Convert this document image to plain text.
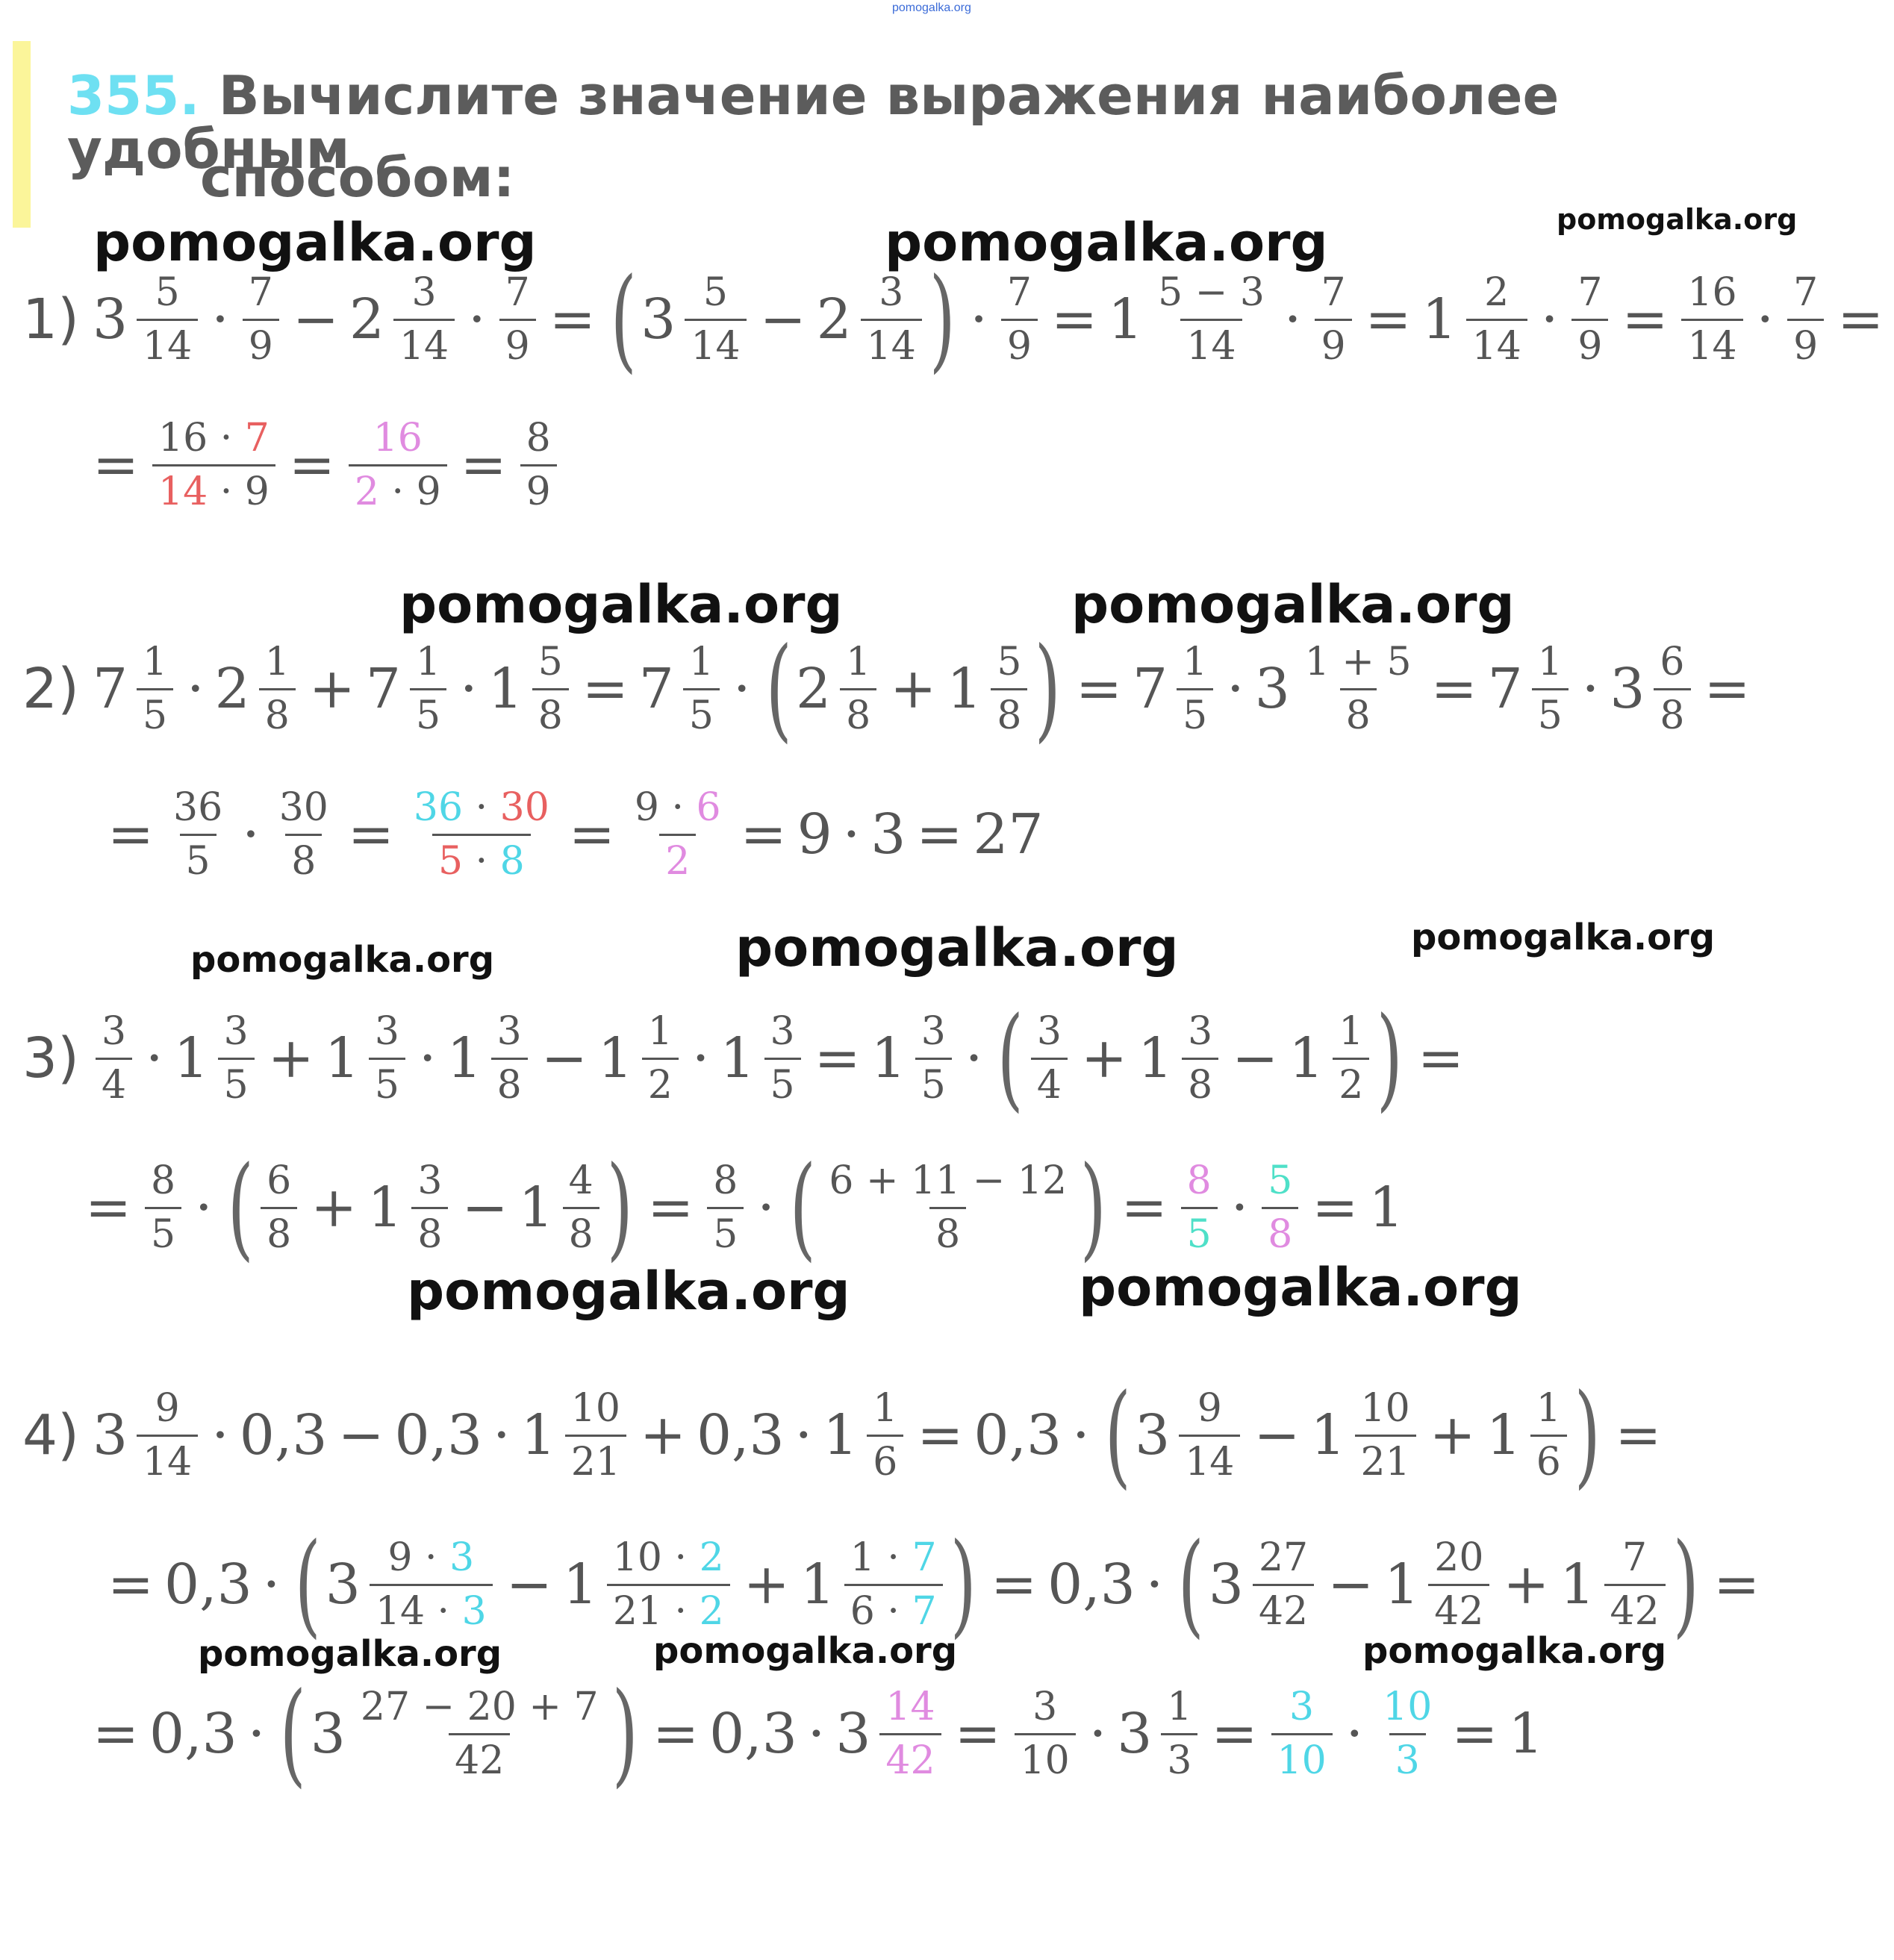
pomogalka.org
355. Вычислите значение выражения наиболее удобным
способом:
pomogalka.org	pomogalka.org	pomogalka.org
pomogalka.org	pomogalka.org
pomogalka.org	pomogalka.org	pomogalka.org
pomogalka.org	pomogalka.org
pomogalka.org	pomogalka.org	pomogalka.org
1) $3 \frac{5}{14} \cdot \frac{7}{9} - 2 \frac{3}{14} \cdot \frac{7}{9}$ = ( $3 \frac{5}{14} - 2 \frac{3}{14}$ ) · $\frac{7}{9} = 1 \frac{5 - 3}{14} \cdot \frac{7}{9} = 1 \frac{2}{14} \cdot \frac{7}{9} = \frac{16}{14} \cdot \frac{7}{9}$ =
= $\frac{16 \cdot 7}{14 \cdot 9} = \frac{16}{2 \cdot 9} = \frac{8}{9}$
2) $7 \frac{1}{5} \cdot 2 \frac{1}{8} + 7 \frac{1}{5} \cdot 1 \frac{5}{8} = 7 \frac{1}{5}$ · ( $2 \frac{1}{8} + 1 \frac{5}{8}$ ) = $7 \frac{1}{5} \cdot 3 \frac{1 + 5}{8} = 7 \frac{1}{5} \cdot 3 \frac{6}{8}$ =
= $\frac{36}{5} \cdot \frac{30}{8} = \frac{36 \cdot 30}{5 \cdot 8} = \frac{9 \cdot 6}{2} = 9 \cdot 3 = 27$
$3) \frac{3}{4} \cdot 1 \frac{3}{5} + 1 \frac{3}{5} \cdot 1 \frac{3}{8} - 1 \frac{1}{2} \cdot 1 \frac{3}{5} = 1 \frac{3}{5}$ · ( $\frac{3}{4} + 1 \frac{3}{8} - 1 \frac{1}{2}$ ) =
= $\frac{8}{5}$ · ( $\frac{6}{8} + 1 \frac{3}{8} - 1 \frac{4}{8}$ ) = $\frac{8}{5}$ · ( $\frac{6 + 11 - 12}{8}$ ) = $\frac{8}{5} \cdot \frac{5}{8} = 1$
4) $3 \frac{9}{14} \cdot 0,3 - 0,3 \cdot 1 \frac{10}{21} + 0,3 \cdot 1 \frac{1}{6} = 0,3$ · ( $3 \frac{9}{14} - 1 \frac{10}{21} + 1 \frac{1}{6}$ ) =
= 0,3 · ( $3 \frac{9 \cdot 3}{14 \cdot 3} - 1 \frac{10 \cdot 2}{21 \cdot 2} + 1 \frac{1 \cdot 7}{6 \cdot 7}$ ) = 0,3 · ( $3 \frac{27}{42} - 1 \frac{20}{42} + 1 \frac{7}{42}$ ) =
= 0,3 · ( $3 \frac{27 - 20 + 7}{42}$ ) = $0,3 \cdot 3 \frac{14}{42} = \frac{3}{10} \cdot 3 \frac{1}{3} = \frac{3}{10} \cdot \frac{10}{3} = 1$
